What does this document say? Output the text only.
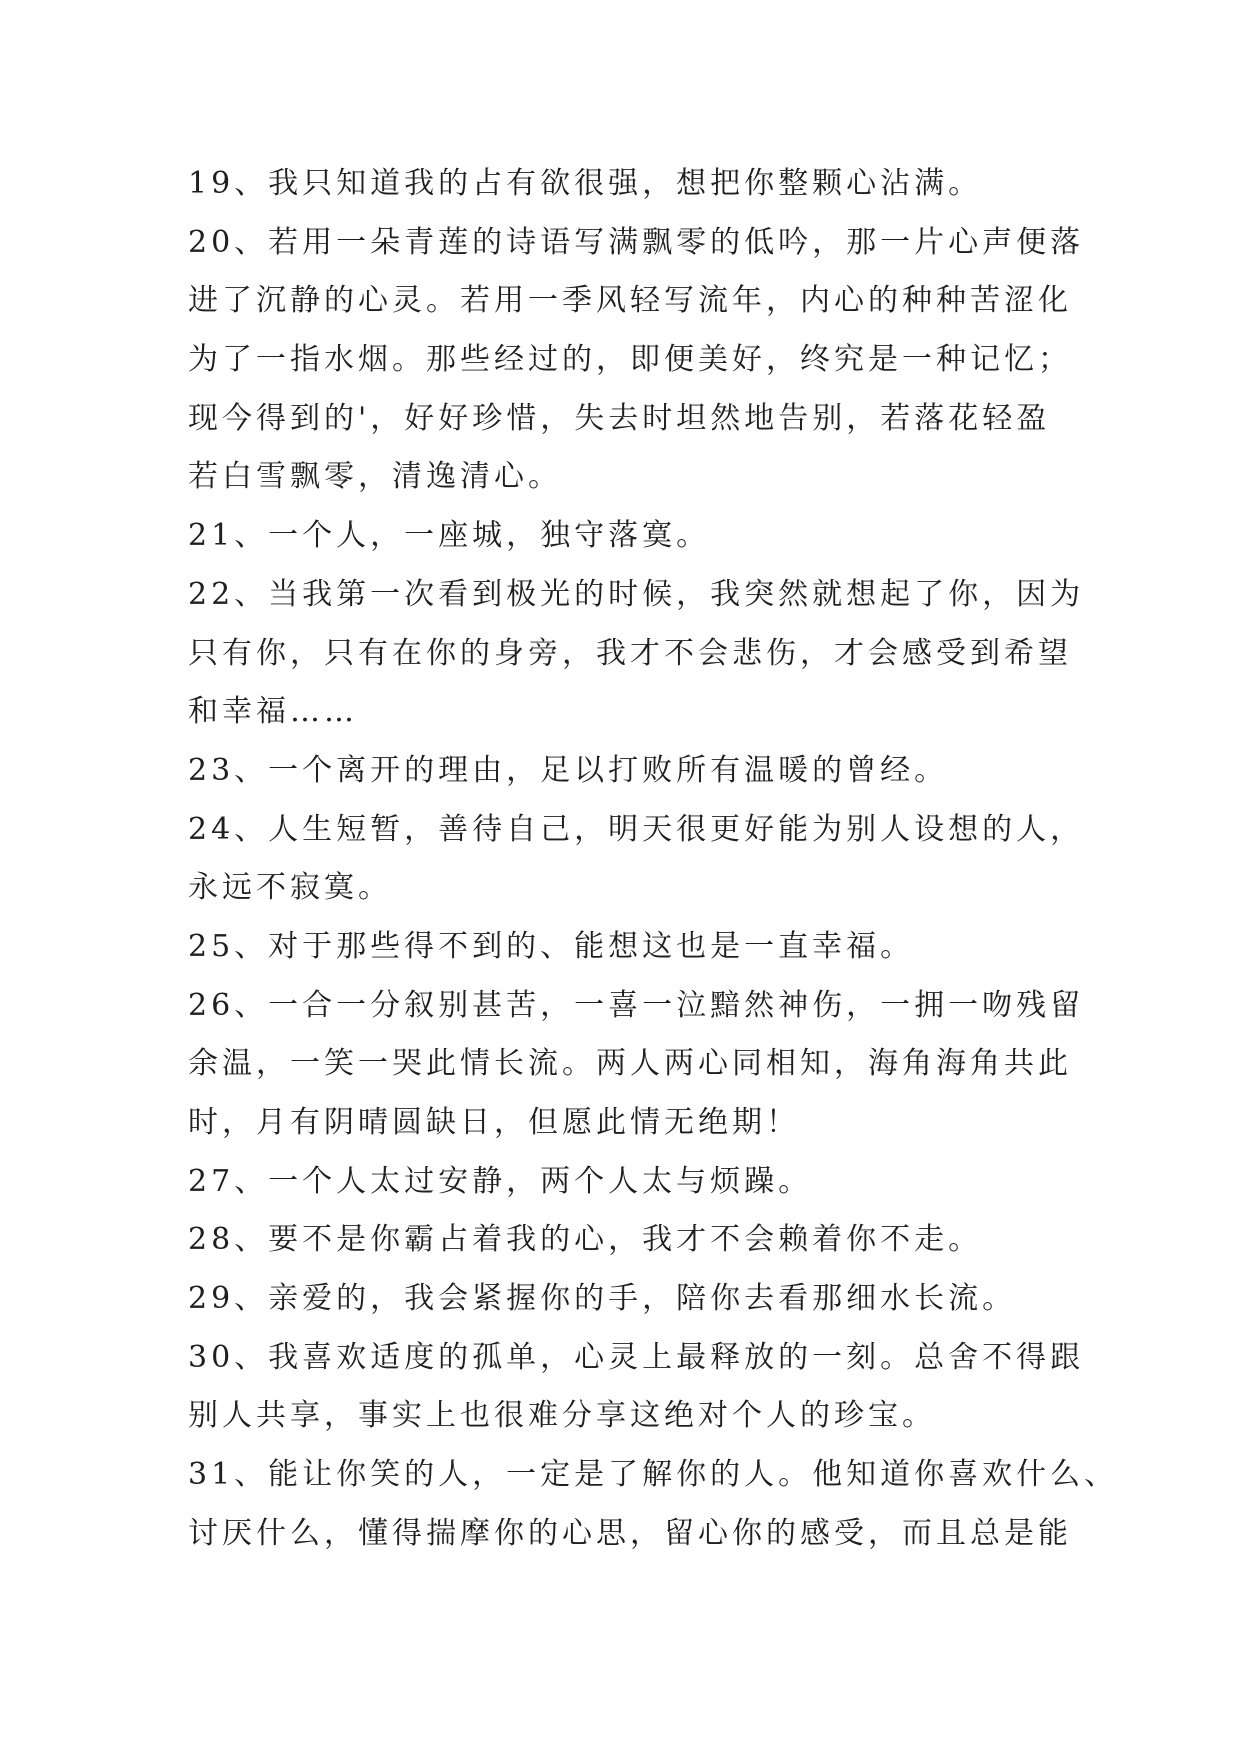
19、我只知道我的占有欲很强，想把你整颗心沾满。
20、若用一朵青莲的诗语写满飘零的低吟，那一片心声便落
进了沉静的心灵。若用一季风轻写流年，内心的种种苦涩化
为了一指水烟。那些经过的，即便美好，终究是一种记忆；
现今得到的'，好好珍惜，失去时坦然地告别，若落花轻盈
若白雪飘零，清逸清心。
21、一个人，一座城，独守落寞。
22、当我第一次看到极光的时候，我突然就想起了你，因为
只有你，只有在你的身旁，我才不会悲伤，才会感受到希望
和幸福……
23、一个离开的理由，足以打败所有温暖的曾经。
24、人生短暂，善待自己，明天很更好能为别人设想的人，
永远不寂寞。
25、对于那些得不到的、能想这也是一直幸福。
26、一合一分叙别甚苦，一喜一泣黯然神伤，一拥一吻残留
余温，一笑一哭此情长流。两人两心同相知，海角海角共此
时，月有阴晴圆缺日，但愿此情无绝期！
27、一个人太过安静，两个人太与烦躁。
28、要不是你霸占着我的心，我才不会赖着你不走。
29、亲爱的，我会紧握你的手，陪你去看那细水长流。
30、我喜欢适度的孤单，心灵上最释放的一刻。总舍不得跟
别人共享，事实上也很难分享这绝对个人的珍宝。
31、能让你笑的人，一定是了解你的人。他知道你喜欢什么、
讨厌什么，懂得揣摩你的心思，留心你的感受，而且总是能
